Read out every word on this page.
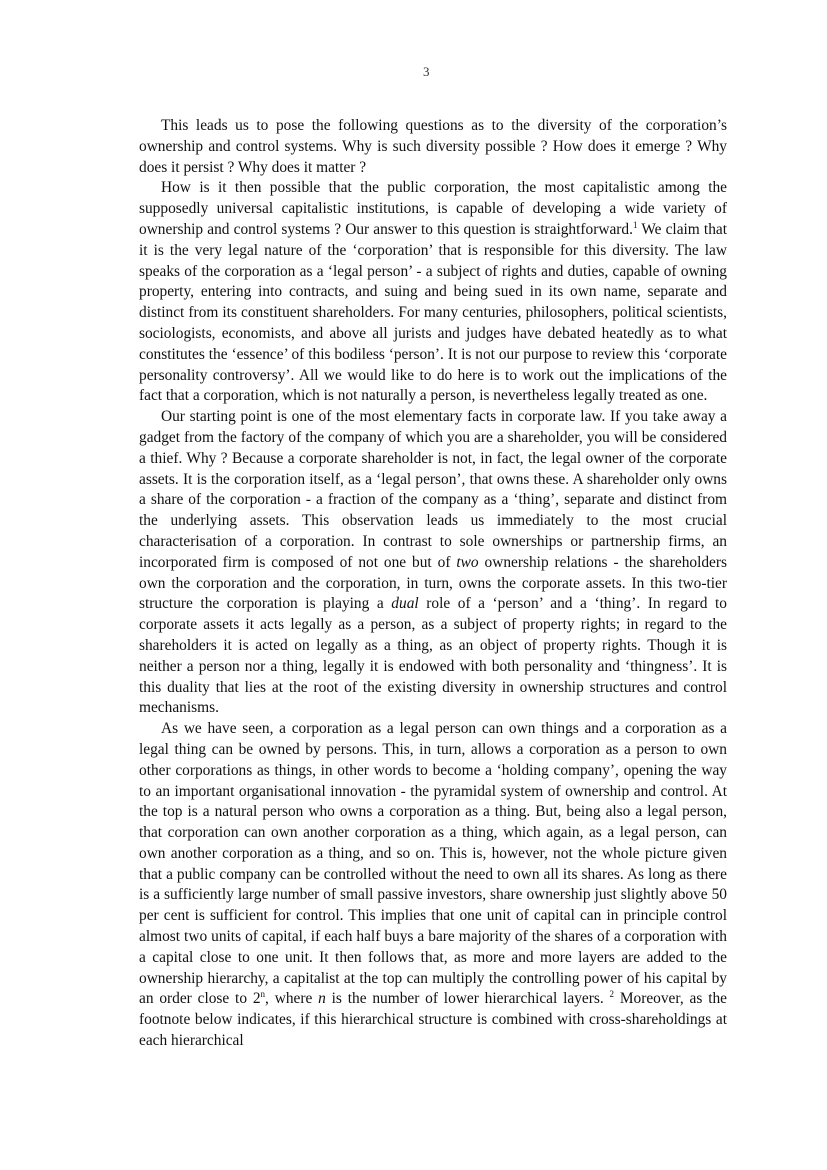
3

This leads us to pose the following questions as to the diversity of the corporation’s ownership and control systems. Why is such diversity possible ? How does it emerge ? Why does it persist ? Why does it matter ?

How is it then possible that the public corporation, the most capitalistic among the supposedly universal capitalistic institutions, is capable of developing a wide variety of ownership and control systems ? Our answer to this question is straightforward.$^1$ We claim that it is the very legal nature of the ‘corporation’ that is responsible for this diversity. The law speaks of the corporation as a ‘legal person’ - a subject of rights and duties, capable of owning property, entering into contracts, and suing and being sued in its own name, separate and distinct from its constituent shareholders. For many centuries, philosophers, political scientists, sociologists, economists, and above all jurists and judges have debated heatedly as to what constitutes the ‘essence’ of this bodiless ‘person’. It is not our purpose to review this ‘corporate personality controversy’. All we would like to do here is to work out the implications of the fact that a corporation, which is not naturally a person, is nevertheless legally treated as one.

Our starting point is one of the most elementary facts in corporate law. If you take away a gadget from the factory of the company of which you are a shareholder, you will be considered a thief. Why ? Because a corporate shareholder is not, in fact, the legal owner of the corporate assets. It is the corporation itself, as a ‘legal person’, that owns these. A shareholder only owns a share of the corporation - a fraction of the company as a ‘thing’, separate and distinct from the underlying assets. This observation leads us immediately to the most crucial characterisation of a corporation. In contrast to sole ownerships or partnership firms, an incorporated firm is composed of not one but of two ownership relations - the shareholders own the corporation and the corporation, in turn, owns the corporate assets. In this two-tier structure the corporation is playing a dual role of a ‘person’ and a ‘thing’. In regard to corporate assets it acts legally as a person, as a subject of property rights; in regard to the shareholders it is acted on legally as a thing, as an object of property rights. Though it is neither a person nor a thing, legally it is endowed with both personality and ‘thingness’. It is this duality that lies at the root of the existing diversity in ownership structures and control mechanisms.

As we have seen, a corporation as a legal person can own things and a corporation as a legal thing can be owned by persons. This, in turn, allows a corporation as a person to own other corporations as things, in other words to become a ‘holding company’, opening the way to an important organisational innovation - the pyramidal system of ownership and control. At the top is a natural person who owns a corporation as a thing. But, being also a legal person, that corporation can own another corporation as a thing, which again, as a legal person, can own another corporation as a thing, and so on. This is, however, not the whole picture given that a public company can be controlled without the need to own all its shares. As long as there is a sufficiently large number of small passive investors, share ownership just slightly above 50 per cent is sufficient for control. This implies that one unit of capital can in principle control almost two units of capital, if each half buys a bare majority of the shares of a corporation with a capital close to one unit. It then follows that, as more and more layers are added to the ownership hierarchy, a capitalist at the top can multiply the controlling power of his capital by an order close to 2$^n$, where n is the number of lower hierarchical layers. $^2$ Moreover, as the footnote below indicates, if this hierarchical structure is combined with cross-shareholdings at each hierarchical
